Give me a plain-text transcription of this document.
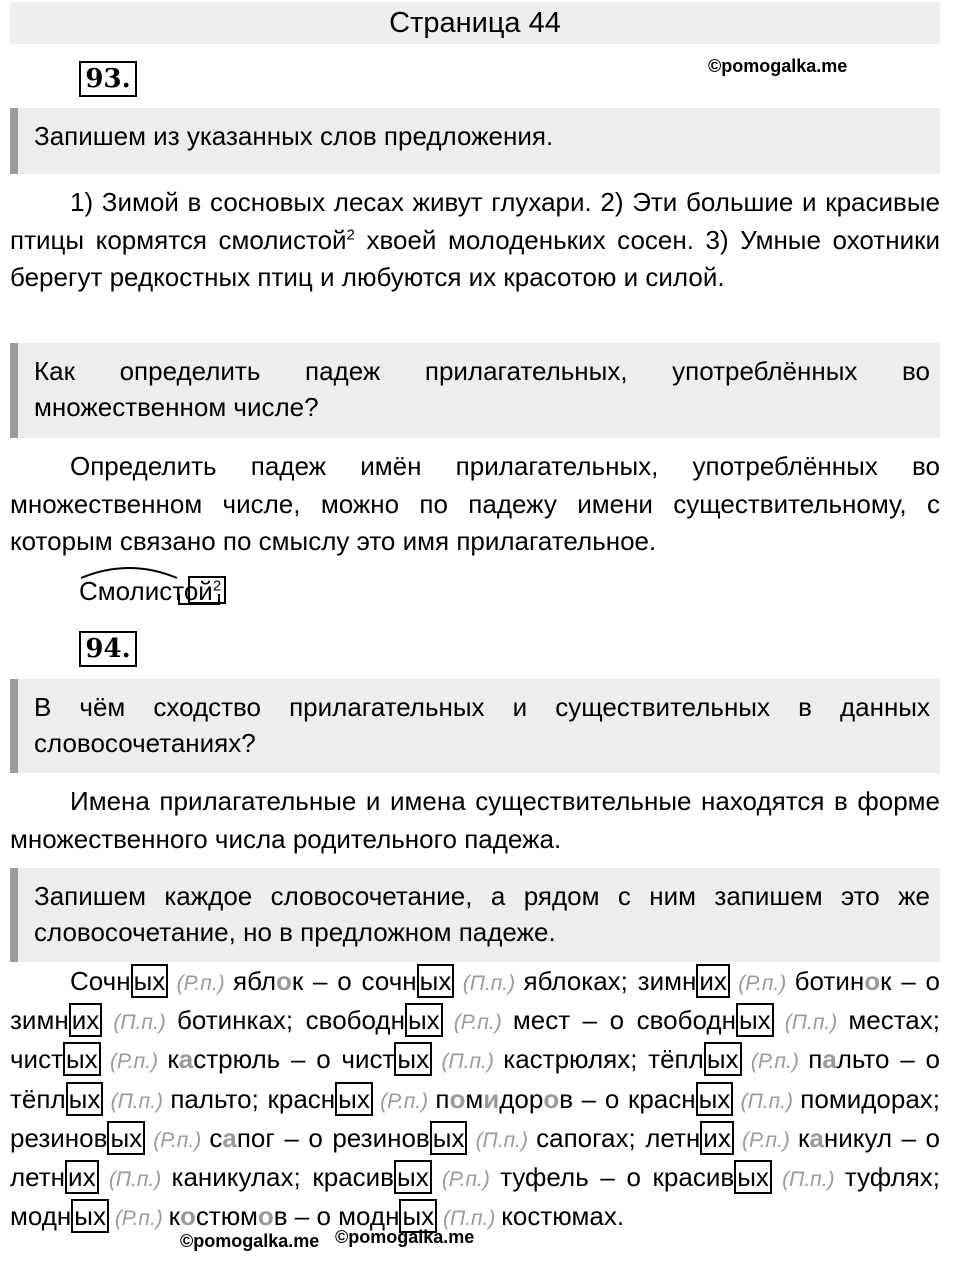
Страница 44
93 .	©pomogalka.me
Запишем из указанных слов предложения.
1) Зимой в сосновых лесах живут глухари. 2) Эти большие и красивые птицы кормятся смолистой$^2$ хвоей молоденьких сосен. 3) Умные охотники берегут редкостных птиц и любуются их красотою и силой.
Как определить падеж прилагательных, употреблённых во множественном числе?
Определить падеж имён прилагательных, употреблённых во множественном числе, можно по падежу имени существительному, с которым связано по смыслу это имя прилагательное.
Смолистой$^2$
94 .
В чём сходство прилагательных и существительных в данных словосочетаниях?
Имена прилагательные и имена существительные находятся в форме множественного числа родительного падежа.
Запишем каждое словосочетание, а рядом с ним запишем это же словосочетание, но в предложном падеже.
Сочн ых (Р.п.) яблок – о сочн ых (П.п.) яблоках; зимн их (Р.п.) ботинок – о зимн их (П.п.) ботинках; свободн ых (Р.п.) мест – о свободн ых (П.п.) местах; чист ых (Р.п.) кастрюль – о чист ых (П.п.) кастрюлях; тёпл ых (Р.п.) пальто – о тёпл ых (П.п.) пальто; красн ых (Р.п.) помидоров – о красн ых (П.п.) помидорах; резинов ых (Р.п.) сапог – о резинов ых (П.п.) сапогах; летн их (Р.п.) каникул – о летн их (П.п.) каникулах; красив ых (Р.п.) туфель – о красив ых (П.п.) туфлях; модн ых (Р.п.) костюмов – о модн ых (П.п.) костюмах.
©pomogalka.me ©pomogalka.me
